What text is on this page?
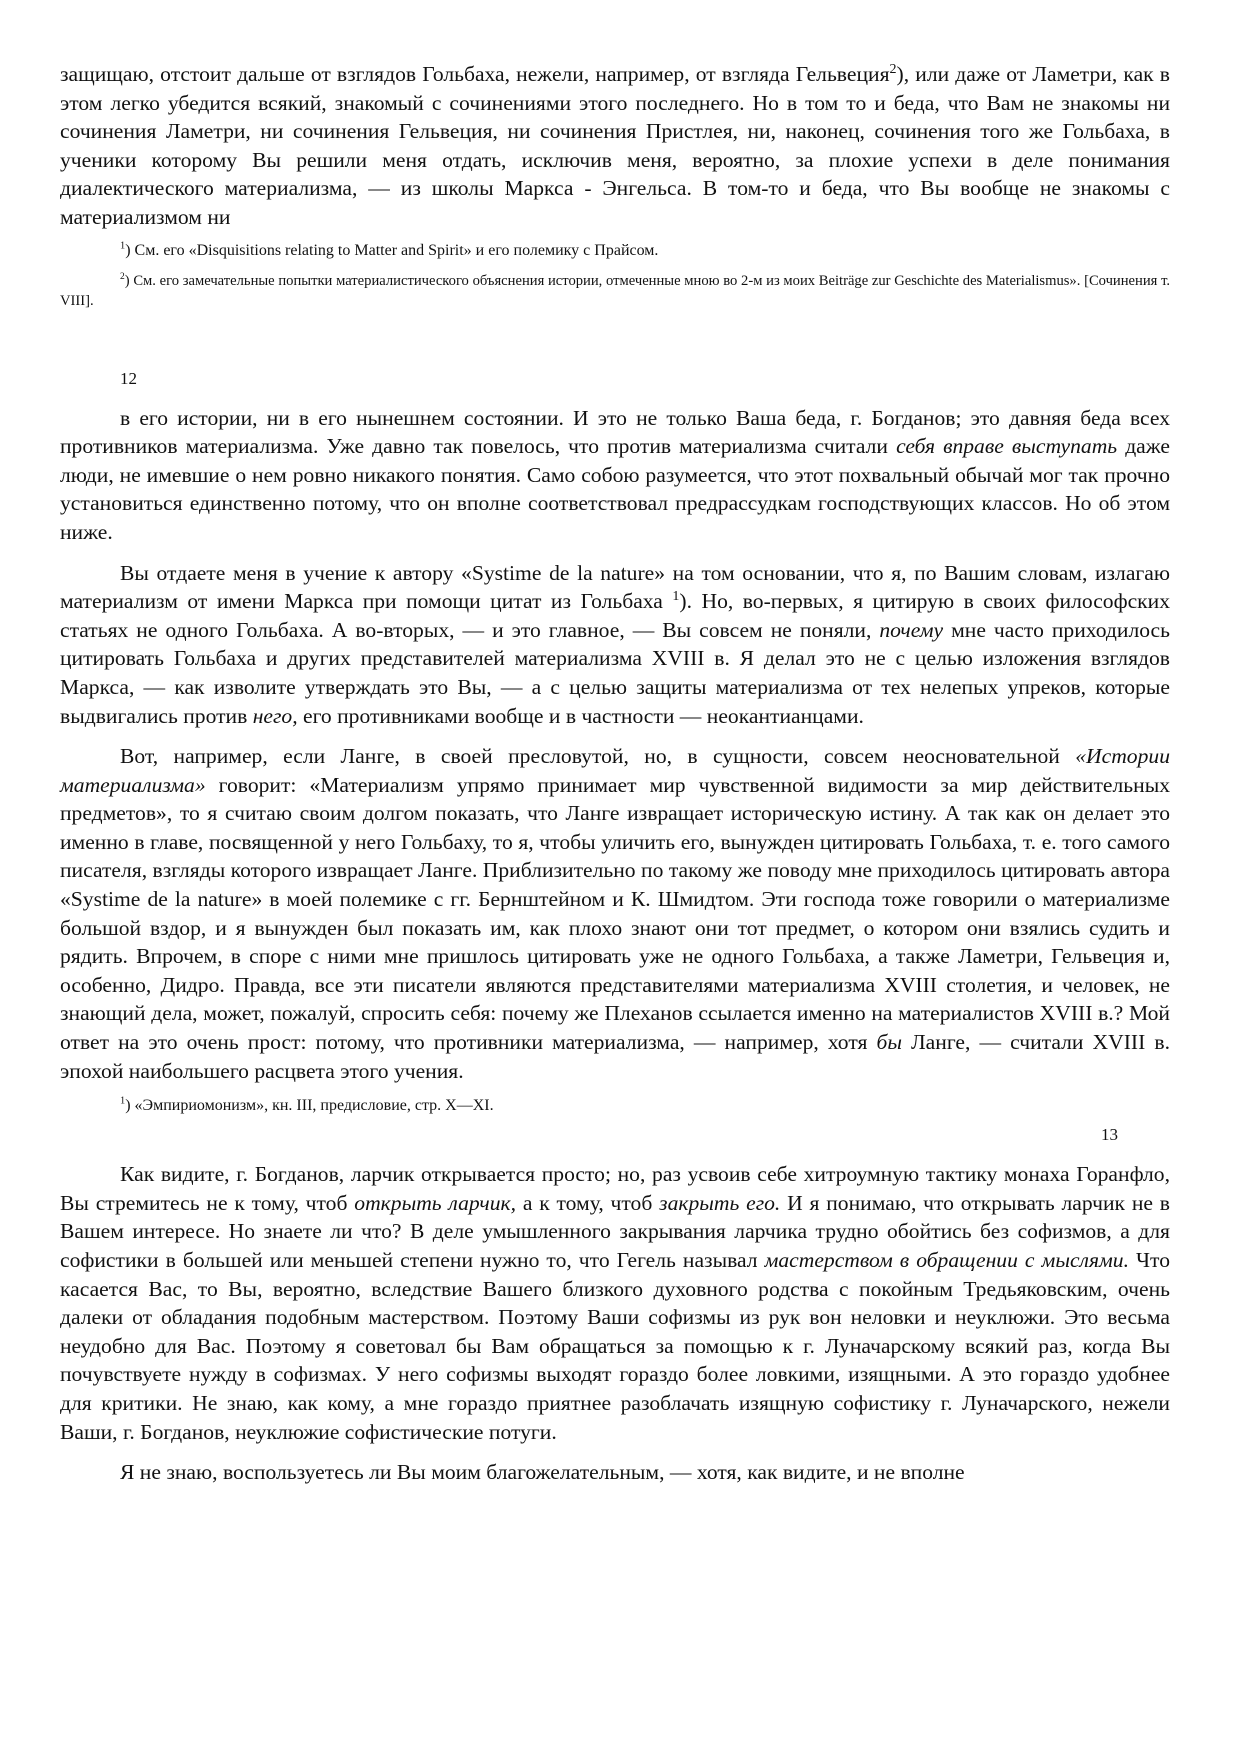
защищаю, отстоит дальше от взглядов Гольбаха, нежели, например, от взгляда Гельвеция$^2$), или даже от Ламетри, как в этом легко убедится всякий, знакомый с сочинениями этого последнего. Но в том то и беда, что Вам не знакомы ни сочинения Ламетри, ни сочинения Гельвеция, ни сочинения Пристлея, ни, наконец, сочинения того же Гольбаха, в ученики которому Вы решили меня отдать, исключив меня, вероятно, за плохие успехи в деле понимания диалектического материализма, — из школы Маркса - Энгельса. В том-то и беда, что Вы вообще не знакомы с материализмом ни

$^1$) См. его «Disquisitions relating to Matter and Spirit» и его полемику с Прайсом.

$^2$) См. его замечательные попытки материалистического объяснения истории, отмеченные мною во 2-м из моих Beiträge zur Geschichte des Materialismus». [Сочинения т. VIII].

12

в его истории, ни в его нынешнем состоянии. И это не только Ваша беда, г. Богданов; это давняя беда всех противников материализма. Уже давно так повелось, что против материализма считали себя вправе выступать даже люди, не имевшие о нем ровно никакого понятия. Само собою разумеется, что этот похвальный обычай мог так прочно установиться единственно потому, что он вполне соответствовал предрассудкам господствующих классов. Но об этом ниже.

Вы отдаете меня в учение к автору «Systime de la nature» на том основании, что я, по Вашим словам, излагаю материализм от имени Маркса при помощи цитат из Гольбаха $^1$). Но, во-первых, я цитирую в своих философских статьях не одного Гольбаха. А во-вторых, — и это главное, — Вы совсем не поняли, почему мне часто приходилось цитировать Гольбаха и других представителей материализма XVIII в. Я делал это не с целью изложения взглядов Маркса, — как изволите утверждать это Вы, — а с целью защиты материализма от тех нелепых упреков, которые выдвигались против него, его противниками вообще и в частности — неокантианцами.

Вот, например, если Ланге, в своей пресловутой, но, в сущности, совсем неосновательной «Истории материализма» говорит: «Материализм упрямо принимает мир чувственной видимости за мир действительных предметов», то я считаю своим долгом показать, что Ланге извращает историческую истину. А так как он делает это именно в главе, посвященной у него Гольбаху, то я, чтобы уличить его, вынужден цитировать Гольбаха, т. е. того самого писателя, взгляды которого извращает Ланге. Приблизительно по такому же поводу мне приходилось цитировать автора «Systime de la nature» в моей полемике с гг. Бернштейном и К. Шмидтом. Эти господа тоже говорили о материализме большой вздор, и я вынужден был показать им, как плохо знают они тот предмет, о котором они взялись судить и рядить. Впрочем, в споре с ними мне пришлось цитировать уже не одного Гольбаха, а также Ламетри, Гельвеция и, особенно, Дидро. Правда, все эти писатели являются представителями материализма XVIII столетия, и человек, не знающий дела, может, пожалуй, спросить себя: почему же Плеханов ссылается именно на материалистов XVIII в.? Мой ответ на это очень прост: потому, что противники материализма, — например, хотя бы Ланге, — считали XVIII в. эпохой наибольшего расцвета этого учения.

$^1$) «Эмпириомонизм», кн. III, предисловие, стр. X—XI.

13

Как видите, г. Богданов, ларчик открывается просто; но, раз усвоив себе хитроумную тактику монаха Горанфло, Вы стремитесь не к тому, чтоб открыть ларчик, а к тому, чтоб закрыть его. И я понимаю, что открывать ларчик не в Вашем интересе. Но знаете ли что? В деле умышленного закрывания ларчика трудно обойтись без софизмов, а для софистики в большей или меньшей степени нужно то, что Гегель называл мастерством в обращении с мыслями. Что касается Вас, то Вы, вероятно, вследствие Вашего близкого духовного родства с покойным Тредьяковским, очень далеки от обладания подобным мастерством. Поэтому Ваши софизмы из рук вон неловки и неуклюжи. Это весьма неудобно для Вас. Поэтому я советовал бы Вам обращаться за помощью к г. Луначарскому всякий раз, когда Вы почувствуете нужду в софизмах. У него софизмы выходят гораздо более ловкими, изящными. А это гораздо удобнее для критики. Не знаю, как кому, а мне гораздо приятнее разоблачать изящную софистику г. Луначарского, нежели Ваши, г. Богданов, неуклюжие софистические потуги.

Я не знаю, воспользуетесь ли Вы моим благожелательным, — хотя, как видите, и не вполне
